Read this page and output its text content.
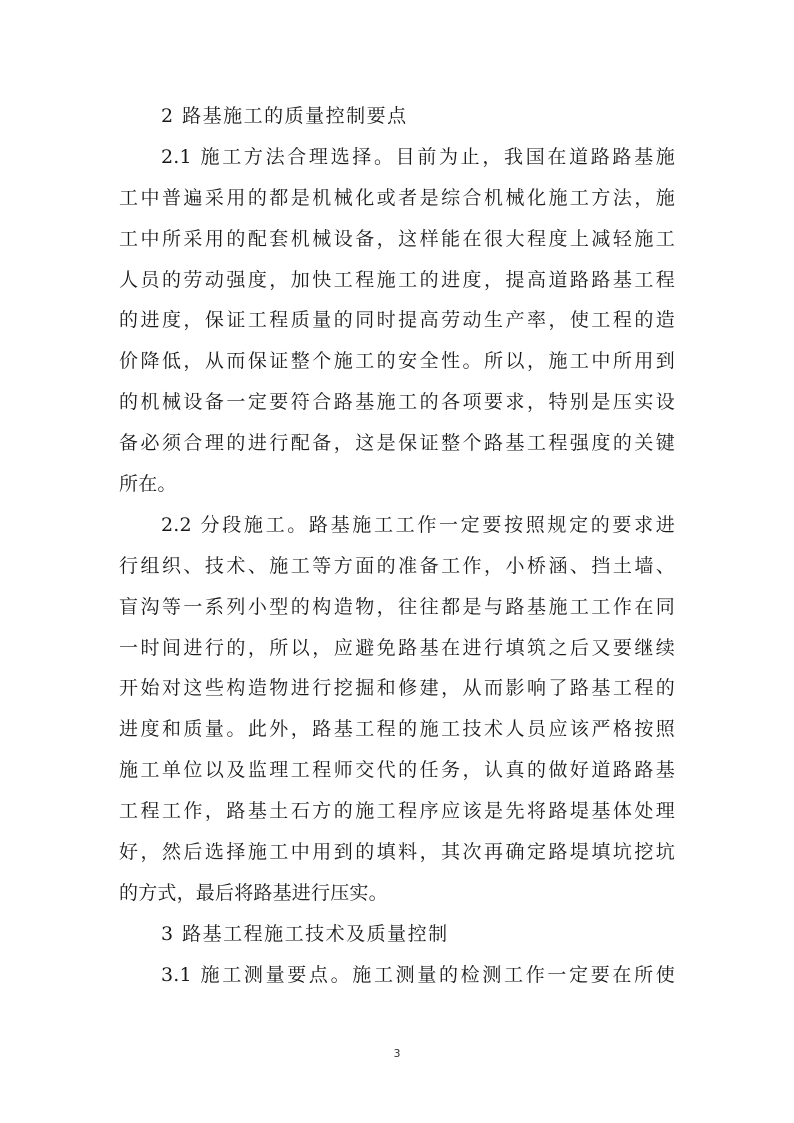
2 路基施工的质量控制要点
2.1 施工方法合理选择。目前为止，我国在道路路基施
工中普遍采用的都是机械化或者是综合机械化施工方法，施
工中所采用的配套机械设备，这样能在很大程度上减轻施工
人员的劳动强度，加快工程施工的进度，提高道路路基工程
的进度，保证工程质量的同时提高劳动生产率，使工程的造
价降低，从而保证整个施工的安全性。所以，施工中所用到
的机械设备一定要符合路基施工的各项要求，特别是压实设
备必须合理的进行配备，这是保证整个路基工程强度的关键
所在。
2.2 分段施工。路基施工工作一定要按照规定的要求进
行组织、技术、施工等方面的准备工作，小桥涵、挡土墙、
盲沟等一系列小型的构造物，往往都是与路基施工工作在同
一时间进行的，所以，应避免路基在进行填筑之后又要继续
开始对这些构造物进行挖掘和修建，从而影响了路基工程的
进度和质量。此外，路基工程的施工技术人员应该严格按照
施工单位以及监理工程师交代的任务，认真的做好道路路基
工程工作，路基土石方的施工程序应该是先将路堤基体处理
好，然后选择施工中用到的填料，其次再确定路堤填坑挖坑
的方式，最后将路基进行压实。
3 路基工程施工技术及质量控制
3.1 施工测量要点。施工测量的检测工作一定要在所使
3
